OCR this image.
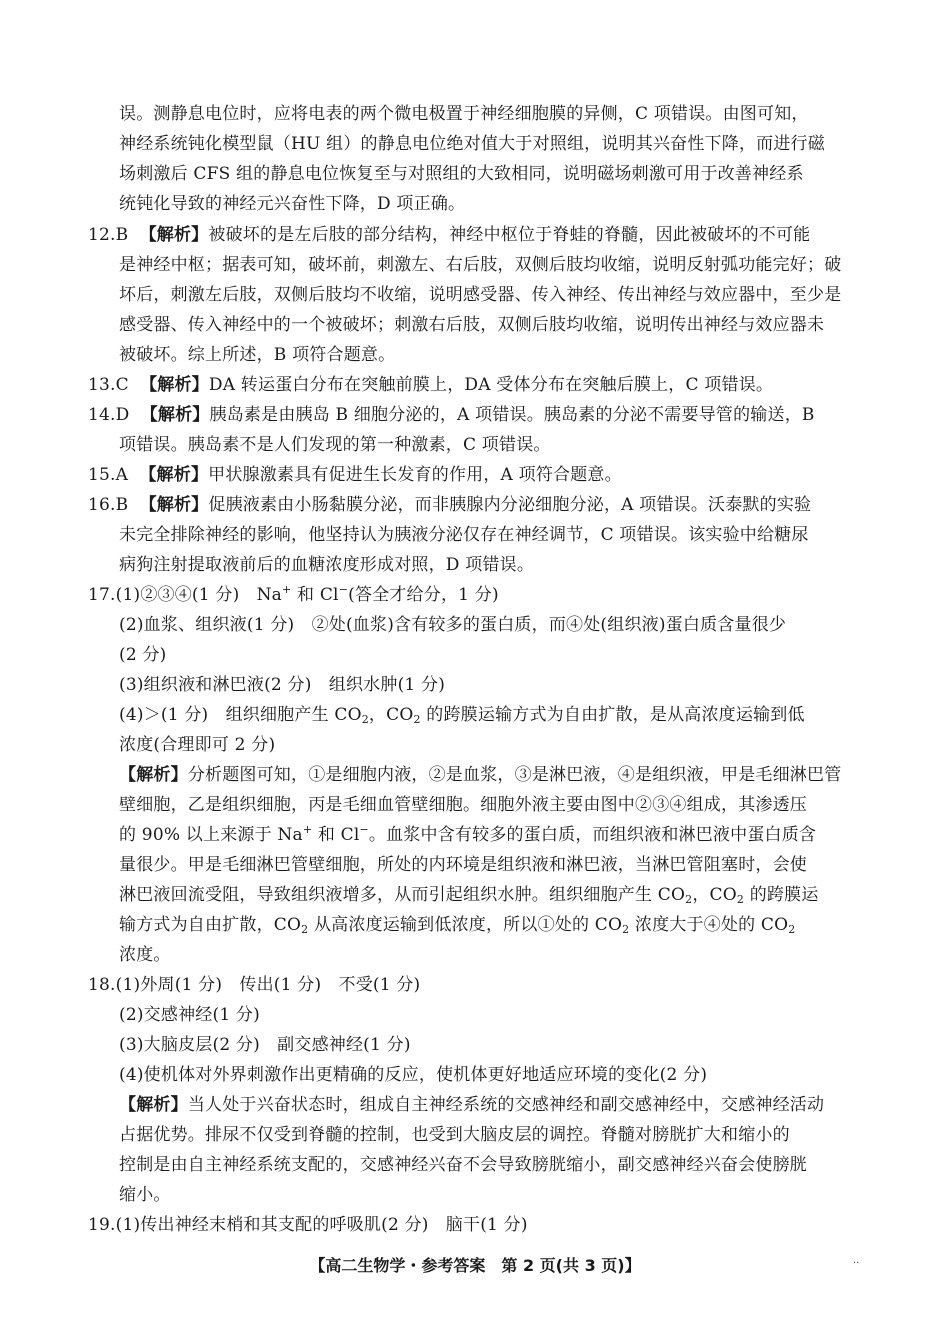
误。测静息电位时，应将电表的两个微电极置于神经细胞膜的异侧，C 项错误。由图可知，
神经系统钝化模型鼠（HU 组）的静息电位绝对值大于对照组，说明其兴奋性下降，而进行磁
场刺激后 CFS 组的静息电位恢复至与对照组的大致相同，说明磁场刺激可用于改善神经系
统钝化导致的神经元兴奋性下降，D 项正确。
12.B 【解析】被破坏的是左后肢的部分结构，神经中枢位于脊蛙的脊髓，因此被破坏的不可能
是神经中枢；据表可知，破坏前，刺激左、右后肢，双侧后肢均收缩，说明反射弧功能完好；破
坏后，刺激左后肢，双侧后肢均不收缩，说明感受器、传入神经、传出神经与效应器中，至少是
感受器、传入神经中的一个被破坏；刺激右后肢，双侧后肢均收缩，说明传出神经与效应器未
被破坏。综上所述，B 项符合题意。
13.C 【解析】DA 转运蛋白分布在突触前膜上，DA 受体分布在突触后膜上，C 项错误。
14.D 【解析】胰岛素是由胰岛 B 细胞分泌的，A 项错误。胰岛素的分泌不需要导管的输送，B
项错误。胰岛素不是人们发现的第一种激素，C 项错误。
15.A 【解析】甲状腺激素具有促进生长发育的作用，A 项符合题意。
16.B 【解析】促胰液素由小肠黏膜分泌，而非胰腺内分泌细胞分泌，A 项错误。沃泰默的实验
未完全排除神经的影响，他坚持认为胰液分泌仅存在神经调节，C 项错误。该实验中给糖尿
病狗注射提取液前后的血糖浓度形成对照，D 项错误。
17.(1)②③④(1 分)　Na+ 和 Cl−(答全才给分，1 分)
(2)血浆、组织液(1 分)　②处(血浆)含有较多的蛋白质，而④处(组织液)蛋白质含量很少
(2 分)
(3)组织液和淋巴液(2 分)　组织水肿(1 分)
(4)＞(1 分)　组织细胞产生 $CO_2$，$CO_2$ 的跨膜运输方式为自由扩散，是从高浓度运输到低
浓度(合理即可 2 分)
【解析】分析题图可知，①是细胞内液，②是血浆，③是淋巴液，④是组织液，甲是毛细淋巴管
壁细胞，乙是组织细胞，丙是毛细血管壁细胞。细胞外液主要由图中②③④组成，其渗透压
的 90% 以上来源于 Na+ 和 Cl−。血浆中含有较多的蛋白质，而组织液和淋巴液中蛋白质含
量很少。甲是毛细淋巴管壁细胞，所处的内环境是组织液和淋巴液，当淋巴管阻塞时，会使
淋巴液回流受阻，导致组织液增多，从而引起组织水肿。组织细胞产生 $CO_2$，$CO_2$ 的跨膜运
输方式为自由扩散，$CO_2$ 从高浓度运输到低浓度，所以①处的 $CO_2$ 浓度大于④处的 $CO_2$
浓度。
18.(1)外周(1 分)　传出(1 分)　不受(1 分)
(2)交感神经(1 分)
(3)大脑皮层(2 分)　副交感神经(1 分)
(4)使机体对外界刺激作出更精确的反应，使机体更好地适应环境的变化(2 分)
【解析】当人处于兴奋状态时，组成自主神经系统的交感神经和副交感神经中，交感神经活动
占据优势。排尿不仅受到脊髓的控制，也受到大脑皮层的调控。脊髓对膀胱扩大和缩小的
控制是由自主神经系统支配的，交感神经兴奋不会导致膀胱缩小，副交感神经兴奋会使膀胱
缩小。
19.(1)传出神经末梢和其支配的呼吸肌(2 分)　脑干(1 分)
【高二生物学・参考答案　第 2 页(共 3 页)】	··
